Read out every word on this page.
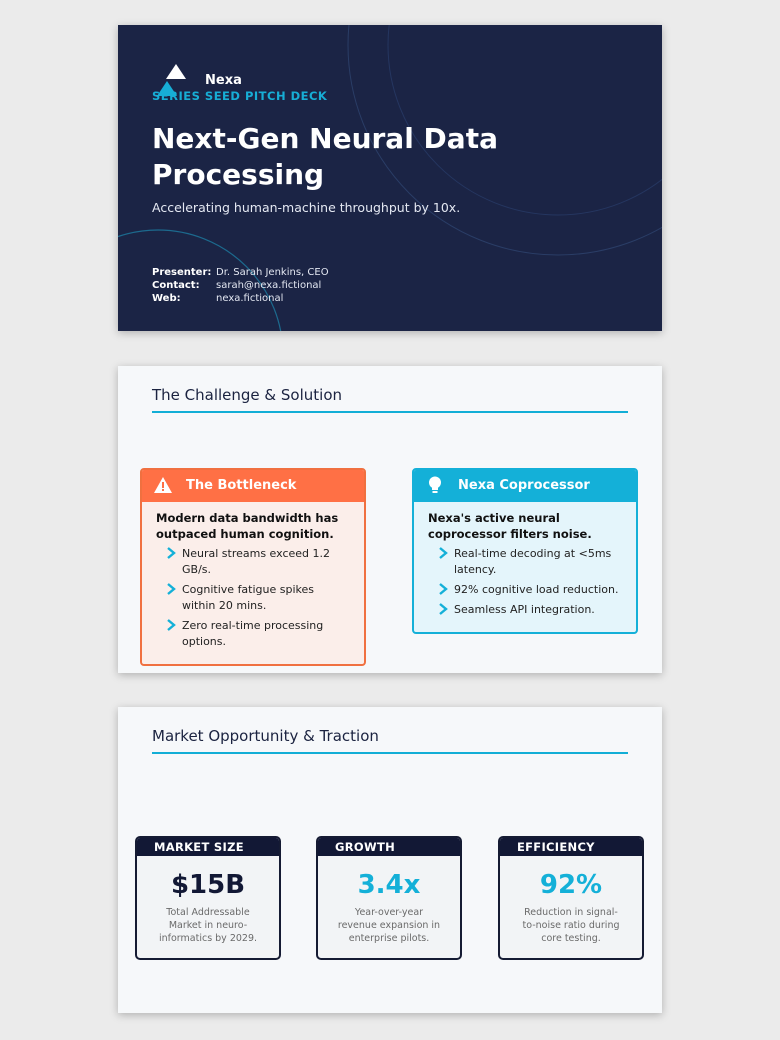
Nexa
SERIES SEED PITCH DECK
Next-Gen Neural Data Processing
Accelerating human-machine throughput by 10x.
Presenter: Dr. Sarah Jenkins, CEO
Contact:	sarah@nexa.fictional
Web:	nexa.fictional
The Challenge & Solution
The Bottleneck
Modern data bandwidth has outpaced human cognition.
Neural streams exceed 1.2 GB/s.
Cognitive fatigue spikes within 20 mins.
Zero real-time processing options.
Nexa Coprocessor
Nexa's active neural coprocessor filters noise.
Real-time decoding at <5ms latency.
92% cognitive load reduction.
Seamless API integration.
Market Opportunity & Traction
MARKET SIZE
$15B
Total Addressable Market in neuro-informatics by 2029.
GROWTH
3.4x
Year-over-year revenue expansion in enterprise pilots.
EFFICIENCY
92%
Reduction in signal-to-noise ratio during core testing.
